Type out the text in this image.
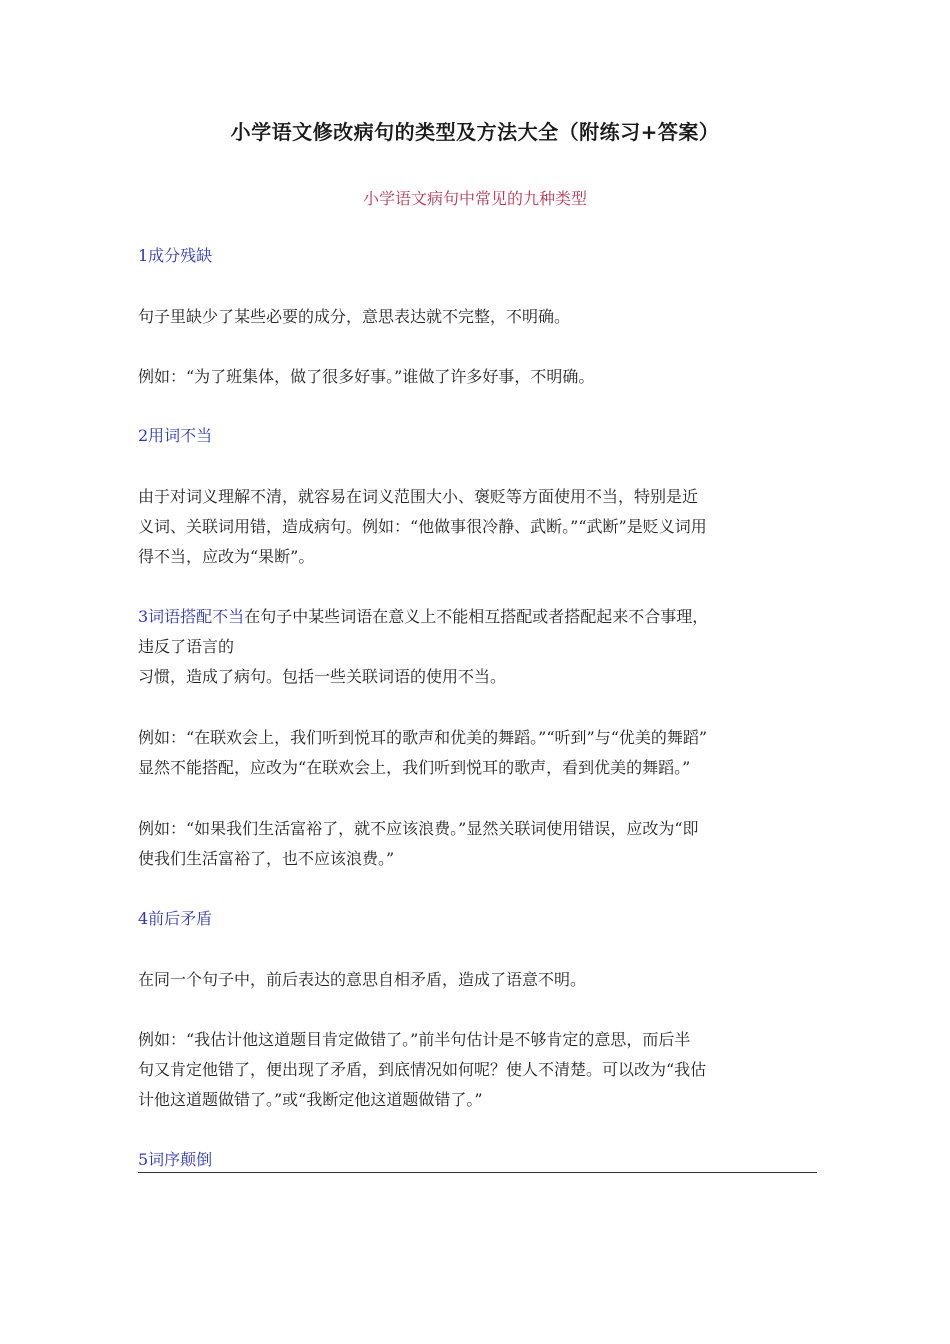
小学语文修改病句的类型及方法大全（附练习+答案）
小学语文病句中常见的九种类型
1成分残缺
句子里缺少了某些必要的成分，意思表达就不完整，不明确。
例如：“为了班集体，做了很多好事。”谁做了许多好事，不明确。
2用词不当
由于对词义理解不清，就容易在词义范围大小、褒贬等方面使用不当，特别是近
义词、关联词用错，造成病句。例如：“他做事很冷静、武断。”“武断”是贬义词用
得不当，应改为“果断”。
3词语搭配不当在句子中某些词语在意义上不能相互搭配或者搭配起来不合事理，
违反了语言的
习惯，造成了病句。包括一些关联词语的使用不当。
例如：“在联欢会上，我们听到悦耳的歌声和优美的舞蹈。”“听到”与“优美的舞蹈”
显然不能搭配，应改为“在联欢会上，我们听到悦耳的歌声，看到优美的舞蹈。”
例如：“如果我们生活富裕了，就不应该浪费。”显然关联词使用错误，应改为“即
使我们生活富裕了，也不应该浪费。”
4前后矛盾
在同一个句子中，前后表达的意思自相矛盾，造成了语意不明。
例如：“我估计他这道题目肯定做错了。”前半句估计是不够肯定的意思，而后半
句又肯定他错了，便出现了矛盾，到底情况如何呢？使人不清楚。可以改为“我估
计他这道题做错了。”或“我断定他这道题做错了。”
5词序颠倒
